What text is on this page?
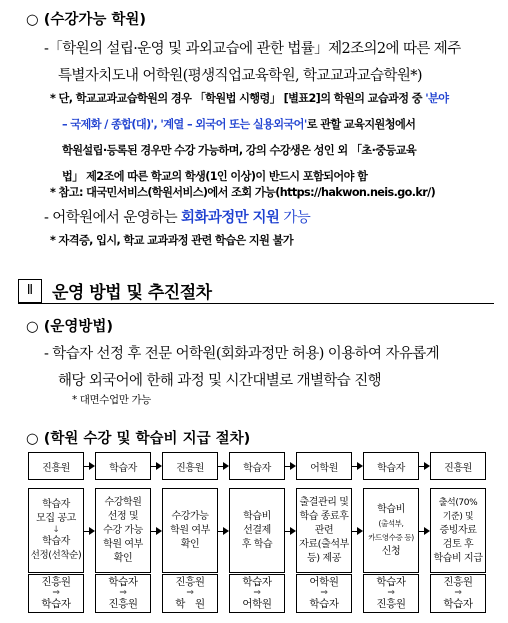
○ (수강가능 학원)
-「학원의 설립·운영 및 과외교습에 관한 법률」제2조의2에 따른 제주
특별자치도내 어학원(평생직업교육학원, 학교교과교습학원*)
* 단, 학교교과교습학원의 경우 「학원법 시행령」 [별표2]의 학원의 교습과정 중 '분야
– 국제화 / 종합(대)', '계열 – 외국어 또는 실용외국어'로 관할 교육지원청에서
학원설립·등록된 경우만 수강 가능하며, 강의 수강생은 성인 외 「초·중등교육
법」 제2조에 따른 학교의 학생(1인 이상)이 반드시 포함되어야 함
* 참고: 대국민서비스(학원서비스)에서 조회 가능(https://hakwon.neis.go.kr/)
- 어학원에서 운영하는 회화과정만 지원 가능
* 자격증, 입시, 학교 교과과정 관련 학습은 지원 불가
Ⅱ	운영 방법 및 추진절차
○ (운영방법)
- 학습자 선정 후 전문 어학원(회화과정만 허용) 이용하여 자유롭게
해당 외국어에 한해 과정 및 시간대별로 개별학습 진행
* 대면수업만 가능
○ (학원 수강 및 학습비 지급 절차)
진흥원
학습자
모집 공고
↓
학습자
선정(선착순)
진흥원
⇒
학습자
학습자
수강학원
선정 및
수강 가능
학원 여부
확인
학습자
⇒
진흥원
진흥원
수강가능
학원 여부
확인
진흥원
⇒
학　원
학습자
학습비
선결제
후 학습
학습자
⇒
어학원
어학원
출결관리 및
학습 종료후
관련
자료(출석부
등) 제공
어학원
⇒
학습자
학습자
학습비
(출석부,
카드영수증 등)
신청
학습자
⇒
진흥원
진흥원
출석(70%
기준) 및
증빙자료
검토 후
학습비 지급
진흥원
⇒
학습자
